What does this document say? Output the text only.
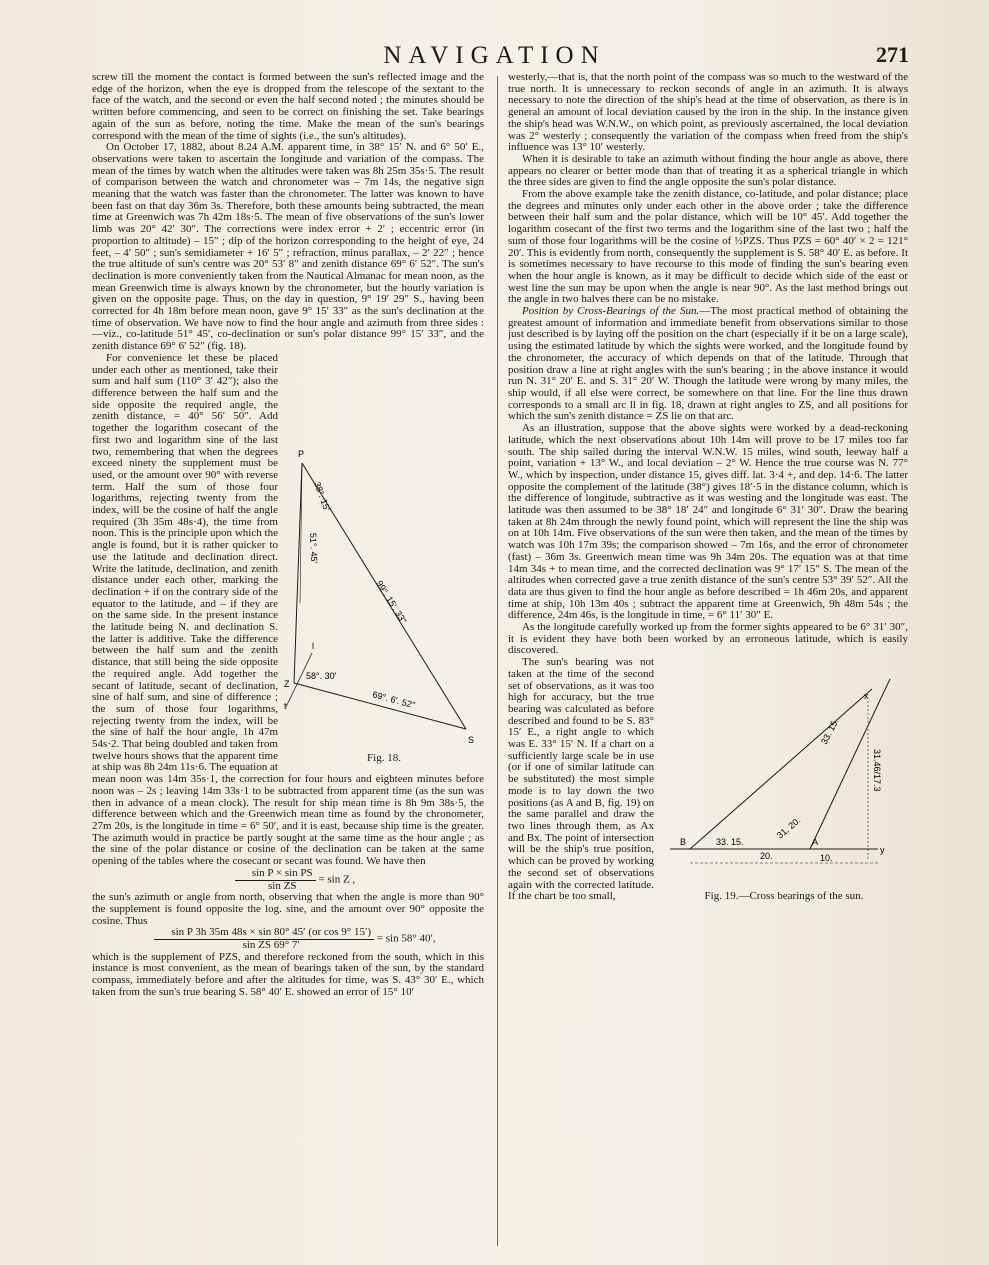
NAVIGATION	271

screw till the moment the contact is formed between the sun's reflected image and the edge of the horizon, when the eye is dropped from the telescope of the sextant to the face of the watch, and the second or even the half second noted ; the minutes should be written before commencing, and seen to be correct on finishing the set. Take bearings again of the sun as before, noting the time. Make the mean of the sun's bearings correspond with the mean of the time of sights (i.e., the sun's altitudes).

On October 17, 1882, about 8.24 A.M. apparent time, in 38° 15′ N. and 6° 50′ E., observations were taken to ascertain the longitude and variation of the compass. The mean of the times by watch when the altitudes were taken was 8h 25m 35s·5. The result of comparison between the watch and chronometer was – 7m 14s, the negative sign meaning that the watch was faster than the chronometer. The latter was known to have been fast on that day 36m 3s. Therefore, both these amounts being subtracted, the mean time at Greenwich was 7h 42m 18s·5. The mean of five observations of the sun's lower limb was 20° 42′ 30″. The corrections were index error + 2′ ; eccentric error (in proportion to altitude) – 15″ ; dip of the horizon corresponding to the height of eye, 24 feet, – 4′ 50″ ; sun's semidiameter + 16′ 5″ ; refraction, minus parallax, – 2′ 22″ ; hence the true altitude of sun's centre was 20° 53′ 8″ and zenith distance 69° 6′ 52″. The sun's declination is more conveniently taken from the Nautical Almanac for mean noon, as the mean Greenwich time is always known by the chronometer, but the hourly variation is given on the opposite page. Thus, on the day in question, 9° 19′ 29″ S., having been corrected for 4h 18m before mean noon, gave 9° 15′ 33″ as the sun's declination at the time of observation. We have now to find the hour angle and azimuth from three sides :—viz., co-latitude 51° 45′, co-declination or sun's polar distance 99° 15′ 33″, and the zenith distance 69° 6′ 52″ (fig. 18).

P
Z
S
l
t
99°. 15'. 33"
69°. 6'. 52"
51°. 45'
38°. 15'
58°. 30'
Fig. 18.

For convenience let these be placed under each other as mentioned, take their sum and half sum (110° 3′ 42″); also the difference between the half sum and the side opposite the required angle, the zenith distance, = 40° 56′ 50″. Add together the logarithm cosecant of the first two and logarithm sine of the last two, remembering that when the degrees exceed ninety the supplement must be used, or the amount over 90° with reverse term. Half the sum of those four logarithms, rejecting twenty from the index, will be the cosine of half the angle required (3h 35m 48s·4), the time from noon. This is the principle upon which the angle is found, but it is rather quicker to use the latitude and declination direct. Write the latitude, declination, and zenith distance under each other, marking the declination + if on the contrary side of the equator to the latitude, and – if they are on the same side. In the present instance the latitude being N. and declination S. the latter is additive. Take the difference between the half sum and the zenith distance, that still being the side opposite the required angle. Add together the secant of latitude, secant of declination, sine of half sum, and sine of difference ; the sum of those four logarithms, rejecting twenty from the index, will be the sine of half the hour angle, 1h 47m 54s·2. That being doubled and taken from twelve hours shows that the apparent time at ship was 8h 24m 11s·6. The equation at mean noon was 14m 35s·1, the correction for four hours and eighteen minutes before noon was – 2s ; leaving 14m 33s·1 to be subtracted from apparent time (as the sun was then in advance of a mean clock). The result for ship mean time is 8h 9m 38s·5, the difference between which and the Greenwich mean time as found by the chronometer, 27m 20s, is the longitude in time = 6° 50′, and it is east, because ship time is the greater. The azimuth would in practice be partly sought at the same time as the hour angle ; as the sine of the polar distance or cosine of the declination can be taken at the same opening of the tables where the cosecant or secant was found. We have then

$\frac{\text{sin P × sin PS}}{\text{sin ZS}} = \sin Z$ ,

the sun's azimuth or angle from north, observing that when the angle is more than 90° the supplement is found opposite the log. sine, and the amount over 90° opposite the cosine. Thus

$\frac{\text{sin P 3h 35m 48s × sin 80° 45′ (or cos 9° 15′)}}{\text{sin ZS 69° 7′}} = \sin 58^\circ$ 40′,

which is the supplement of PZS, and therefore reckoned from the south, which in this instance is most convenient, as the mean of bearings taken of the sun, by the standard compass, immediately before and after the altitudes for time, was S. 43° 30′ E., which taken from the sun's true bearing S. 58° 40′ E. showed an error of 15° 10′

westerly,—that is, that the north point of the compass was so much to the westward of the true north. It is unnecessary to reckon seconds of angle in an azimuth. It is always necessary to note the direction of the ship's head at the time of observation, as there is in general an amount of local deviation caused by the iron in the ship. In the instance given the ship's head was W.N.W., on which point, as previously ascertained, the local deviation was 2° westerly ; consequently the variation of the compass when freed from the ship's influence was 13° 10′ westerly.

When it is desirable to take an azimuth without finding the hour angle as above, there appears no clearer or better mode than that of treating it as a spherical triangle in which the three sides are given to find the angle opposite the sun's polar distance.

From the above example take the zenith distance, co-latitude, and polar distance; place the degrees and minutes only under each other in the above order ; take the difference between their half sum and the polar distance, which will be 10° 45′. Add together the logarithm cosecant of the first two terms and the logarithm sine of the last two ; half the sum of those four logarithms will be the cosine of ½PZS. Thus PZS = 60° 40′ × 2 = 121° 20′. This is evidently from north, consequently the supplement is S. 58° 40′ E. as before. It is sometimes necessary to have recourse to this mode of finding the sun's bearing even when the hour angle is known, as it may be difficult to decide which side of the east or west line the sun may be upon when the angle is near 90°. As the last method brings out the angle in two halves there can be no mistake.

Position by Cross-Bearings of the Sun.—The most practical method of obtaining the greatest amount of information and immediate benefit from observations similar to those just described is by laying off the position on the chart (especially if it be on a large scale), using the estimated latitude by which the sights were worked, and the longitude found by the chronometer, the accuracy of which depends on that of the latitude. Through that position draw a line at right angles with the sun's bearing ; in the above instance it would run N. 31° 20′ E. and S. 31° 20′ W. Though the latitude were wrong by many miles, the ship would, if all else were correct, be somewhere on that line. For the line thus drawn corresponds to a small arc ll in fig. 18, drawn at right angles to ZS, and all positions for which the sun's zenith distance = ZS lie on that arc.

As an illustration, suppose that the above sights were worked by a dead-reckoning latitude, which the next observations about 10h 14m will prove to be 17 miles too far south. The ship sailed during the interval W.N.W. 15 miles, wind south, leeway half a point, variation + 13° W., and local deviation – 2° W. Hence the true course was N. 77° W., which by inspection, under distance 15, gives diff. lat. 3·4 +, and dep. 14·6. The latter opposite the complement of the latitude (38°) gives 18′·5 in the distance column, which is the difference of longitude, subtractive as it was westing and the longitude was east. The latitude was then assumed to be 38° 18′ 24″ and longitude 6° 31′ 30″. Draw the bearing taken at 8h 24m through the newly found point, which will represent the line the ship was on at 10h 14m. Five observations of the sun were then taken, and the mean of the times by watch was 10h 17m 39s; the comparison showed – 7m 16s, and the error of chronometer (fast) – 36m 3s. Greenwich mean time was 9h 34m 20s. The equation was at that time 14m 34s + to mean time, and the corrected declination was 9° 17′ 15″ S. The mean of the altitudes when corrected gave a true zenith distance of the sun's centre 53° 39′ 52″. All the data are thus given to find the hour angle as before described = 1h 46m 20s, and apparent time at ship, 10h 13m 40s ; subtract the apparent time at Greenwich, 9h 48m 54s ; the difference, 24m 46s, is the longitude in time, = 6° 11′ 30″ E.

As the longitude carefully worked up from the former sights appeared to be 6° 31′ 30″, it is evident they have both been worked by an erroneous latitude, which is easily discovered.

x
B	A
y
31. 20.
33. 15.
33. 15.
20.	10.
31.46/17.3
Fig. 19.—Cross bearings of the sun.

The sun's bearing was not taken at the time of the second set of observations, as it was too high for accuracy, but the true bearing was calculated as before described and found to be S. 83° 15′ E., a right angle to which was E. 33° 15′ N. If a chart on a sufficiently large scale be in use (or if one of similar latitude can be substituted) the most simple mode is to lay down the two positions (as A and B, fig. 19) on the same parallel and draw the two lines through them, as Ax and Bx. The point of intersection will be the ship's true position, which can be proved by working the second set of observations again with the corrected latitude. If the chart be too small,
